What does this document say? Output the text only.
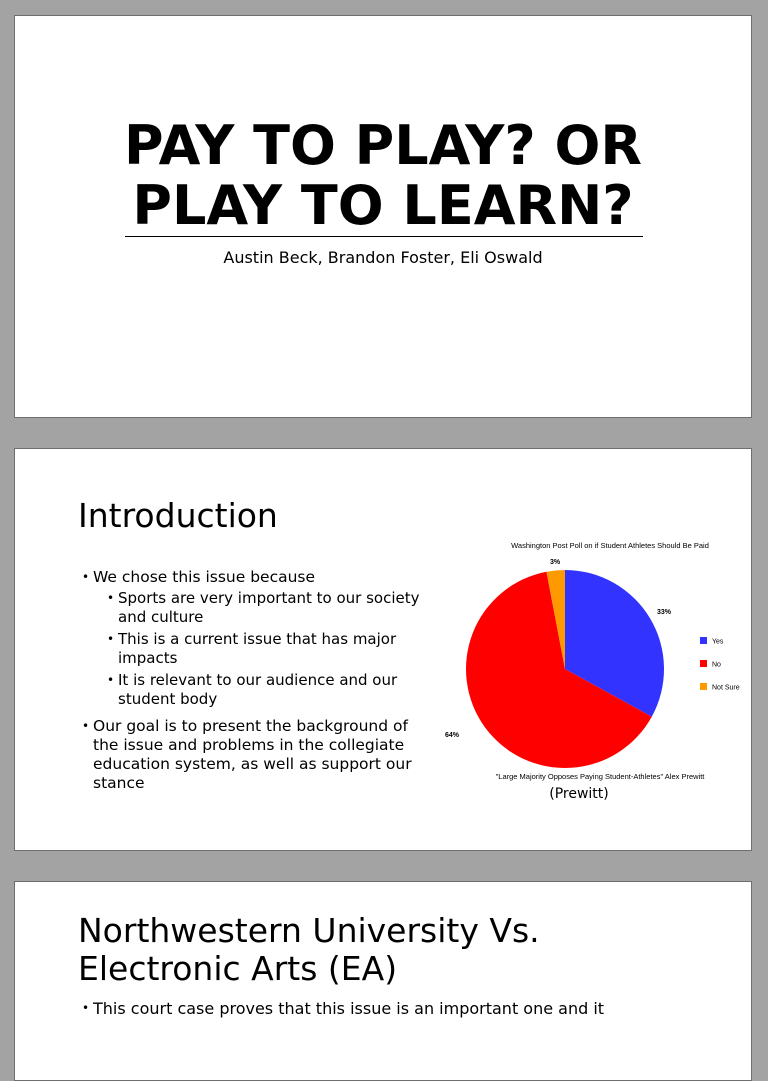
PAY TO PLAY? OR
PLAY TO LEARN?
Austin Beck, Brandon Foster, Eli Oswald
Introduction
• We chose this issue because
• Sports are very important to our society and culture
• This is a current issue that has major impacts
• It is relevant to our audience and our student body
• Our goal is to present the background of the issue and problems in the collegiate education system, as well as support our stance
Washington Post Poll on if Student Athletes Should Be Paid
33%
64%
3%
Yes
No
Not Sure
"Large Majority Opposes Paying Student-Athletes" Alex Prewitt
(Prewitt)
Northwestern University Vs. Electronic Arts (EA)
• This court case proves that this issue is an important one and it
